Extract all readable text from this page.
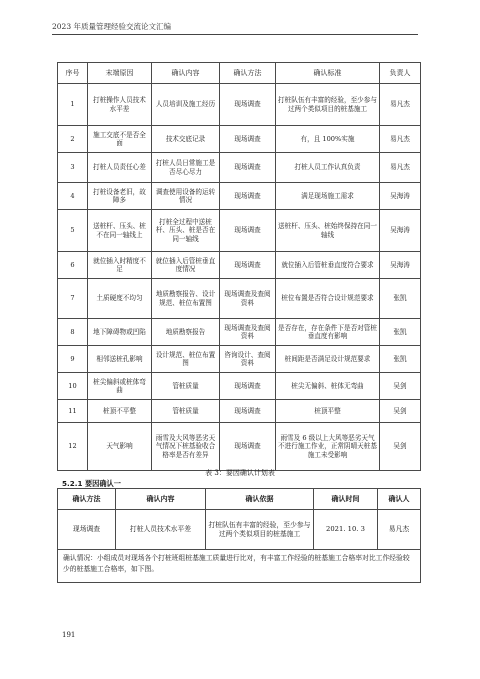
2023 年质量管理经验交流论文汇编
序号	末端原因	确认内容	确认方法	确认标准	负责人
1	打桩操作人员技术水平差	人员培训及施工经历	现场调查	打桩队伍有丰富的经验，至少参与过两个类似项目的桩基施工	易凡杰
2	施工交底不是否全面	技术交底记录	现场调查	有，且 100%实施	易凡杰
3	打桩人员责任心差	打桩人员日常施工是否尽心尽力	现场调查	打桩人员工作认真负责	易凡杰
4	打桩设备老旧，故障多	调查使用设备的运转情况	现场调查	满足现场施工需求	吴海涛
5	送桩杆、压头、桩不在同一轴线上	打桩全过程中送桩杆、压头、桩是否在同一轴线	现场调查	送桩杆、压头、桩始终保持在同一轴线	吴海涛
6	就位插入时精度不足	就位插入后管桩垂直度情况	现场调查	就位插入后管桩垂直度符合要求	吴海涛
7	土质硬度不均匀	地质勘察报告、设计规范、桩位布置图	现场调查及查阅资料	桩位布置是否符合设计规范要求	张凯
8	地下障碍物或凹陷	地质勘察报告	现场调查及查阅资料	是否存在，存在条件下是否对管桩垂直度有影响	张凯
9	相邻送桩孔影响	设计规范、桩位布置图	咨询设计、查阅资料	桩间距是否满足设计规范要求	张凯
10	桩尖偏斜或桩体弯曲	管桩质量	现场调查	桩尖无偏斜、桩体无弯曲	吴剑
11	桩顶不平整	管桩质量	现场调查	桩顶平整	吴剑
12	天气影响	雨雪及大风等恶劣天气情况下桩基验收合格率是否有差异	现场调查	雨雪及 6 级以上大风等恶劣天气不进行施工作业，正常阴晴天桩基施工未受影响	吴剑
表 3：要因确认计划表
5.2.1 要因确认一
确认方法	确认内容	确认依据	确认时间	确认人
现场调查	打桩人员技术水平差	打桩队伍有丰富的经验，至少参与过两个类似项目的桩基施工	2021. 10. 3	易凡杰
确认情况：小组成员对现场各个打桩班组桩基施工质量进行比对，有丰富工作经验的桩基施工合格率对比工作经验较少的桩基施工合格率，如下图。				
191
